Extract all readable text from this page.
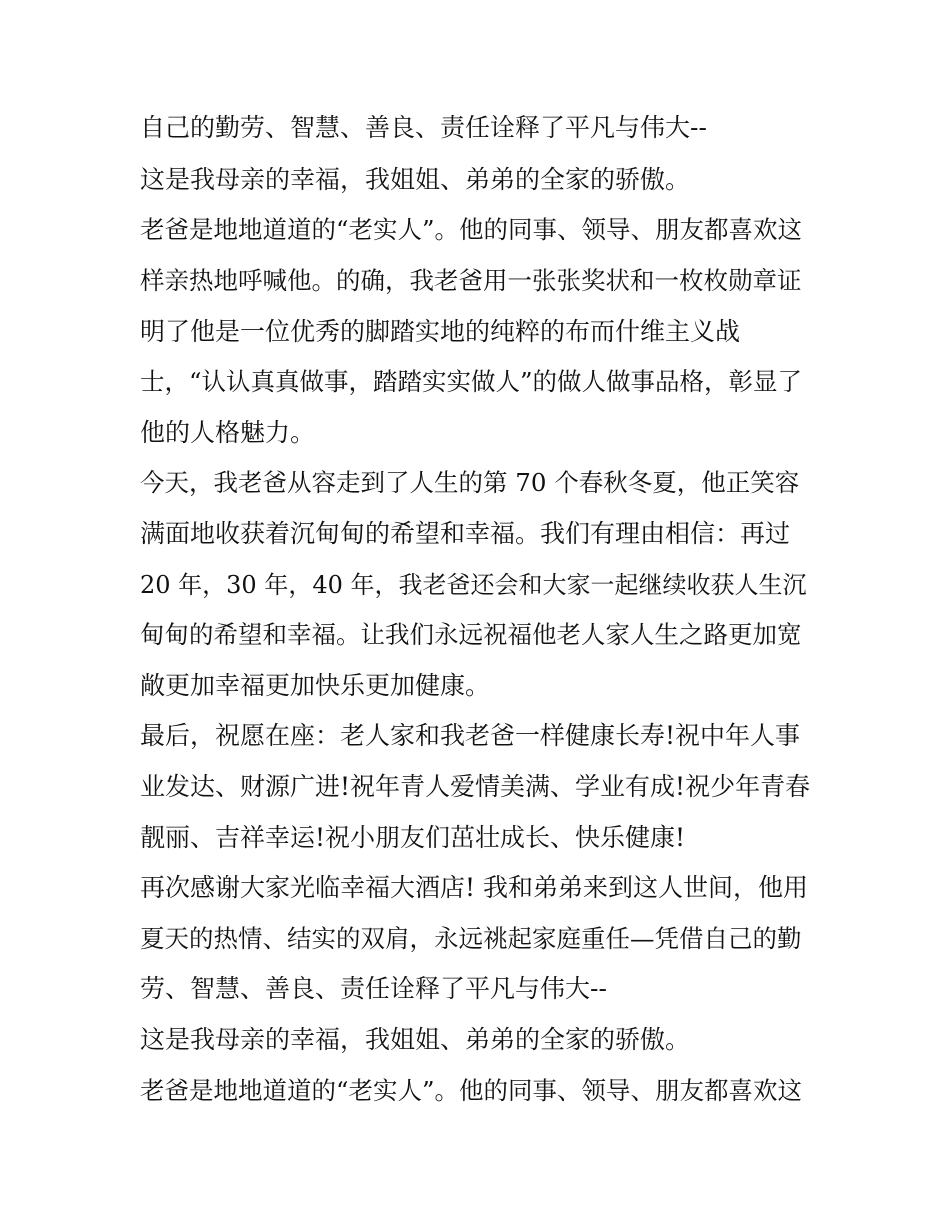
自己的勤劳、智慧、善良、责任诠释了平凡与伟大--
这是我母亲的幸福，我姐姐、弟弟的全家的骄傲。
老爸是地地道道的“老实人”。他的同事、领导、朋友都喜欢这
样亲热地呼喊他。的确，我老爸用一张张奖状和一枚枚勋章证
明了他是一位优秀的脚踏实地的纯粹的布而什维主义战
士，“认认真真做事，踏踏实实做人”的做人做事品格，彰显了
他的人格魅力。
今天，我老爸从容走到了人生的第 70 个春秋冬夏，他正笑容
满面地收获着沉甸甸的希望和幸福。我们有理由相信：再过
20 年，30 年，40 年，我老爸还会和大家一起继续收获人生沉
甸甸的希望和幸福。让我们永远祝福他老人家人生之路更加宽
敞更加幸福更加快乐更加健康。
最后，祝愿在座：老人家和我老爸一样健康长寿!祝中年人事
业发达、财源广进!祝年青人爱情美满、学业有成!祝少年青春
靓丽、吉祥幸运!祝小朋友们茁壮成长、快乐健康!
再次感谢大家光临幸福大酒店! 我和弟弟来到这人世间，他用
夏天的热情、结实的双肩，永远祧起家庭重任—凭借自己的勤
劳、智慧、善良、责任诠释了平凡与伟大--
这是我母亲的幸福，我姐姐、弟弟的全家的骄傲。
老爸是地地道道的“老实人”。他的同事、领导、朋友都喜欢这
